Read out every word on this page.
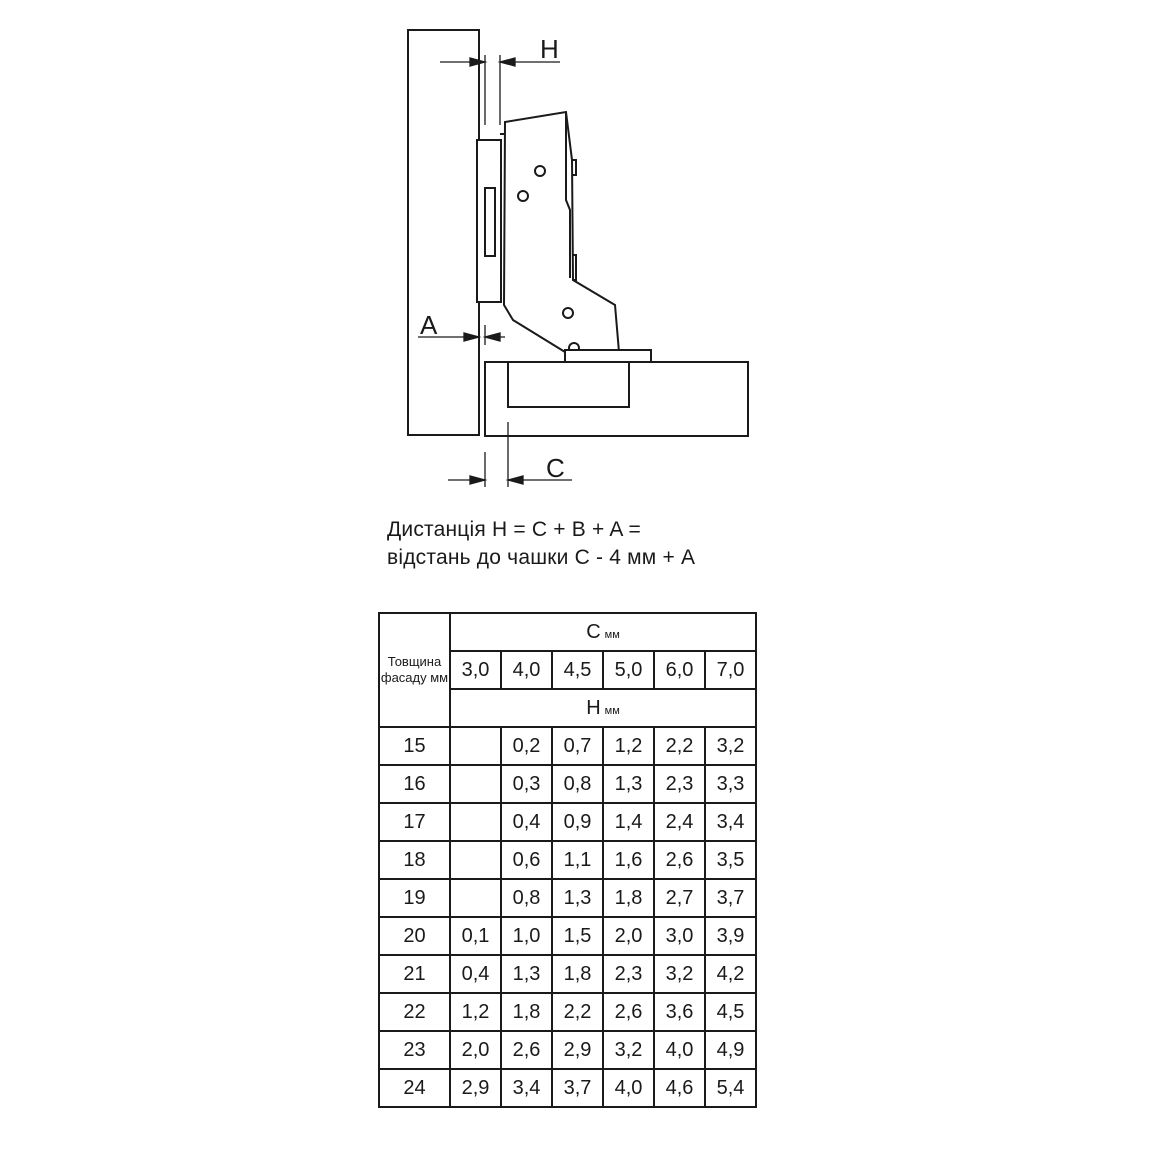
H
A
C
Дистанція H = C + B + A =
відстань до чашки C - 4 мм + A
Товщина фасаду мм	C мм					
	3,0	4,0	4,5	5,0	6,0	7,0
	H мм					
15		0,2	0,7	1,2	2,2	3,2
16		0,3	0,8	1,3	2,3	3,3
17		0,4	0,9	1,4	2,4	3,4
18		0,6	1,1	1,6	2,6	3,5
19		0,8	1,3	1,8	2,7	3,7
20	0,1	1,0	1,5	2,0	3,0	3,9
21	0,4	1,3	1,8	2,3	3,2	4,2
22	1,2	1,8	2,2	2,6	3,6	4,5
23	2,0	2,6	2,9	3,2	4,0	4,9
24	2,9	3,4	3,7	4,0	4,6	5,4
